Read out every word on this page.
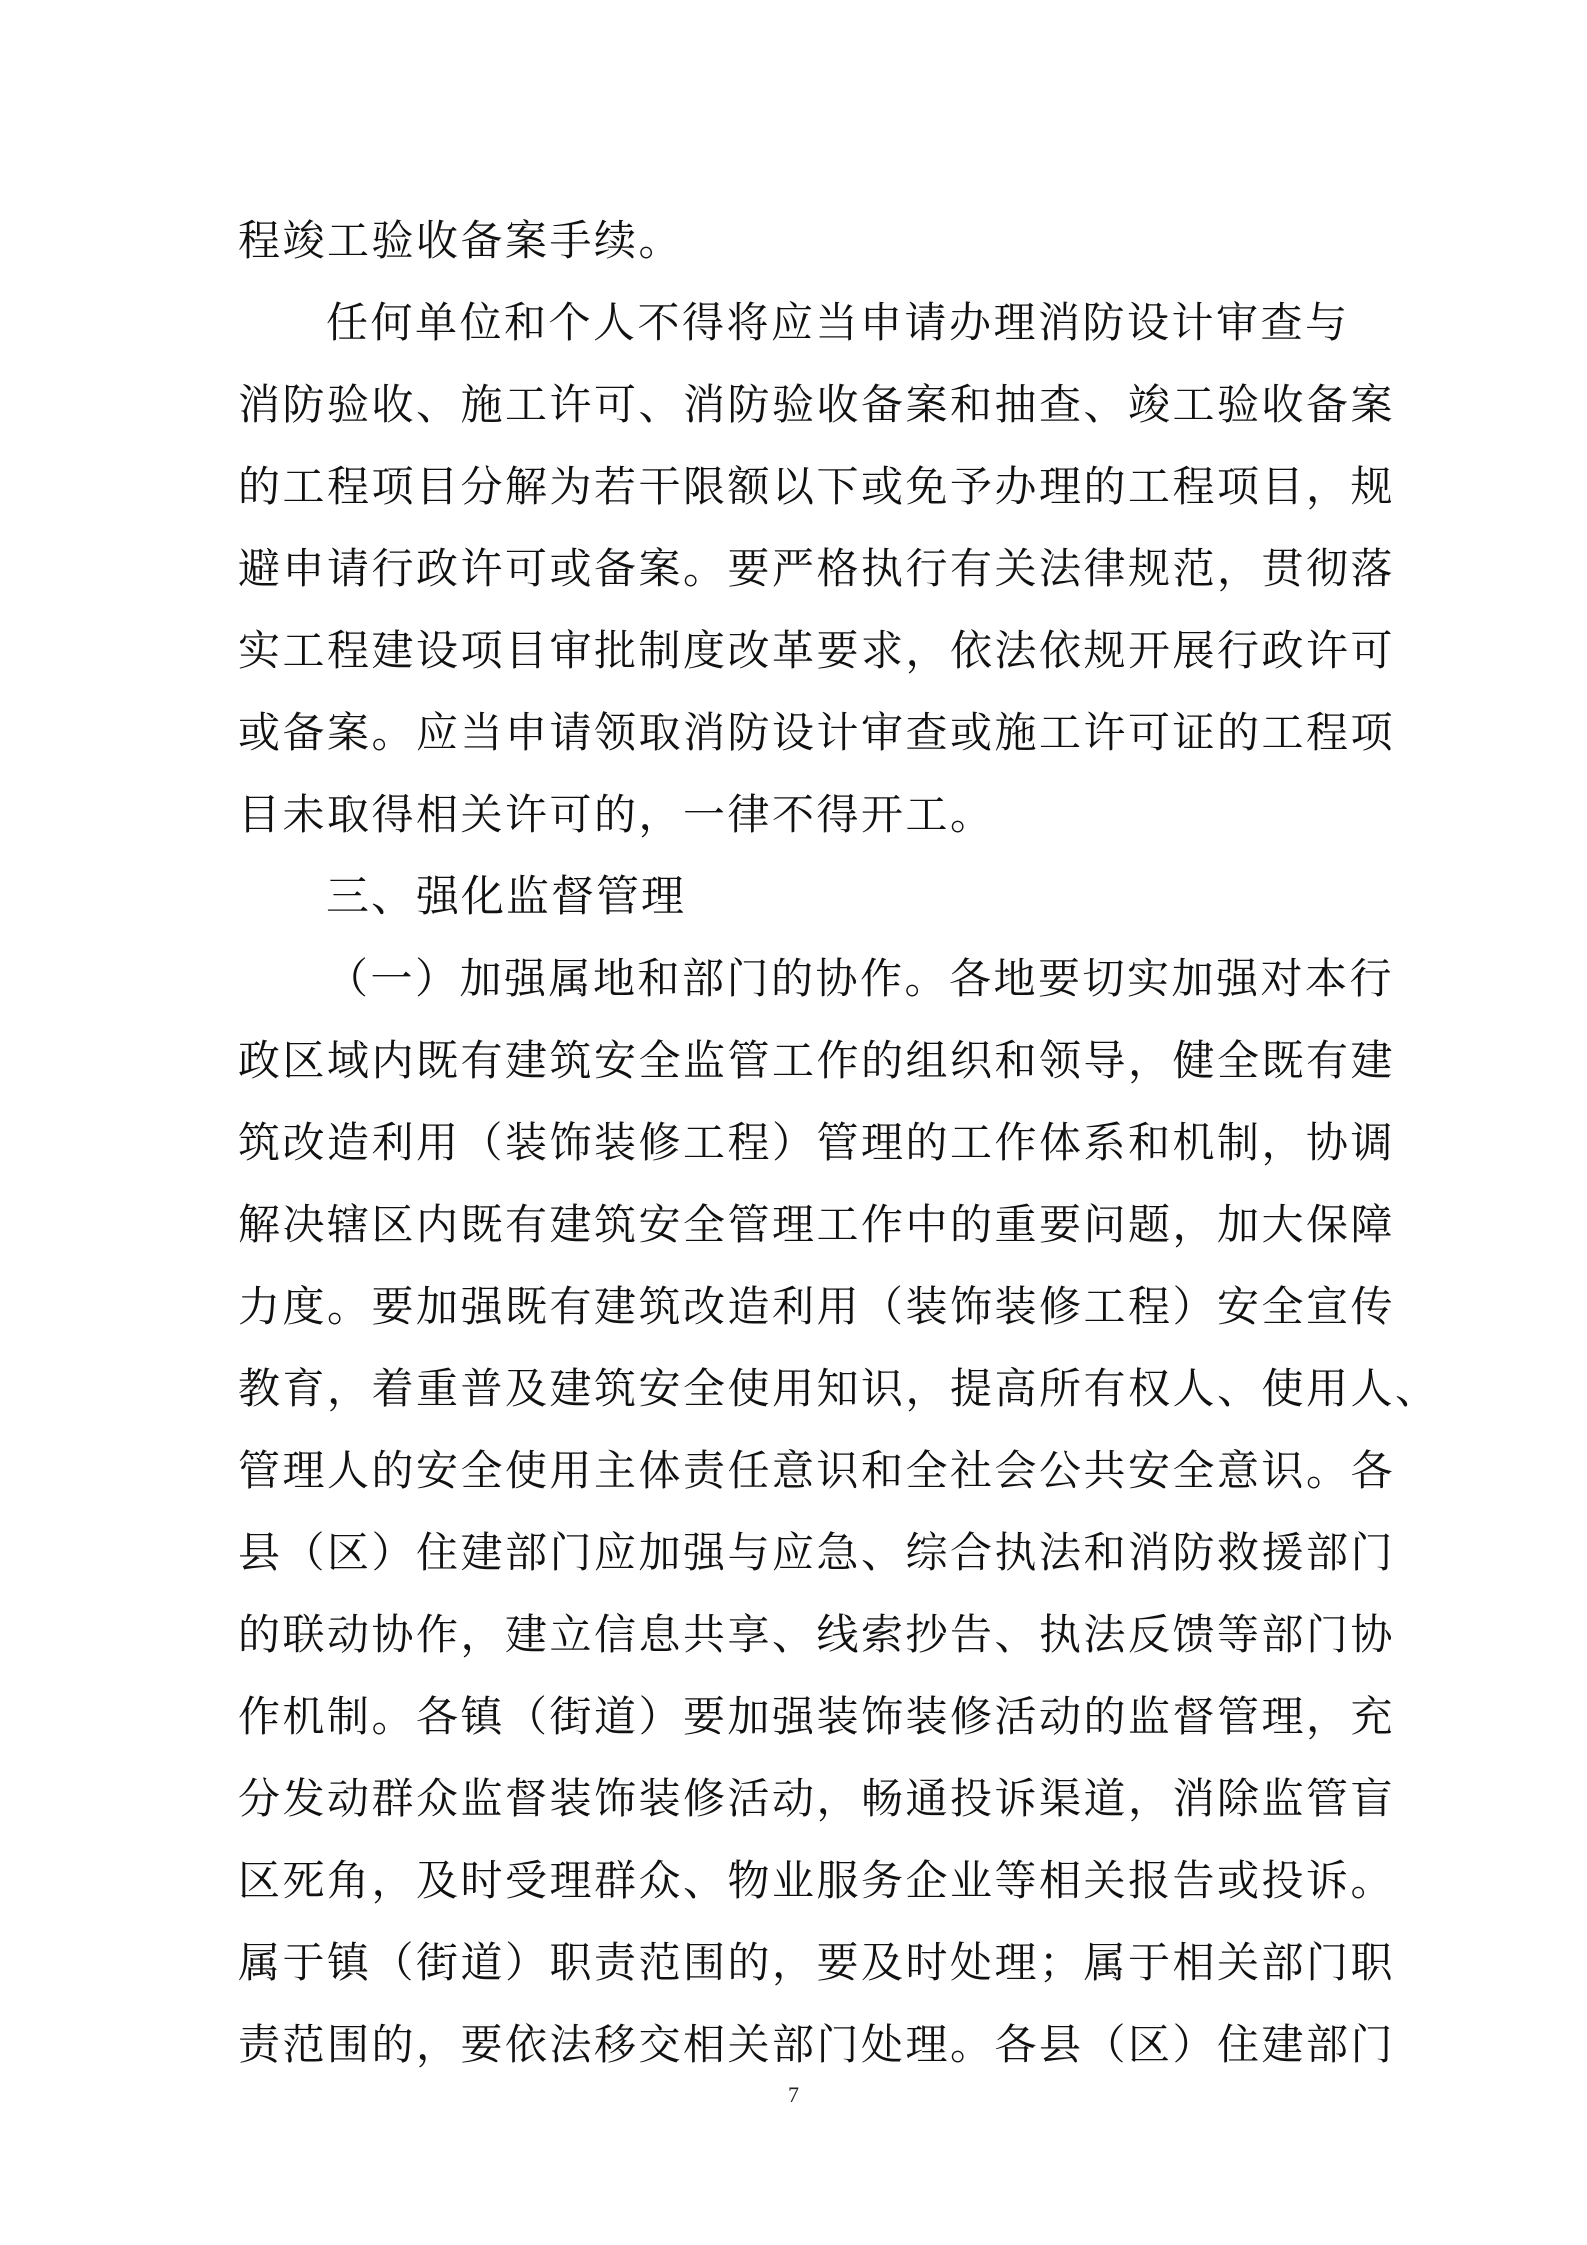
程竣工验收备案手续。
任何单位和个人不得将应当申请办理消防设计审查与
消防验收、施工许可、消防验收备案和抽查、竣工验收备案
的工程项目分解为若干限额以下或免予办理的工程项目，规
避申请行政许可或备案。要严格执行有关法律规范，贯彻落
实工程建设项目审批制度改革要求，依法依规开展行政许可
或备案。应当申请领取消防设计审查或施工许可证的工程项
目未取得相关许可的，一律不得开工。
三、强化监督管理
（一）加强属地和部门的协作。各地要切实加强对本行
政区域内既有建筑安全监管工作的组织和领导，健全既有建
筑改造利用（装饰装修工程）管理的工作体系和机制，协调
解决辖区内既有建筑安全管理工作中的重要问题，加大保障
力度。要加强既有建筑改造利用（装饰装修工程）安全宣传
教育，着重普及建筑安全使用知识，提高所有权人、使用人、
管理人的安全使用主体责任意识和全社会公共安全意识。各
县（区）住建部门应加强与应急、综合执法和消防救援部门
的联动协作，建立信息共享、线索抄告、执法反馈等部门协
作机制。各镇（街道）要加强装饰装修活动的监督管理，充
分发动群众监督装饰装修活动，畅通投诉渠道，消除监管盲
区死角，及时受理群众、物业服务企业等相关报告或投诉。
属于镇（街道）职责范围的，要及时处理；属于相关部门职
责范围的，要依法移交相关部门处理。各县（区）住建部门
7
